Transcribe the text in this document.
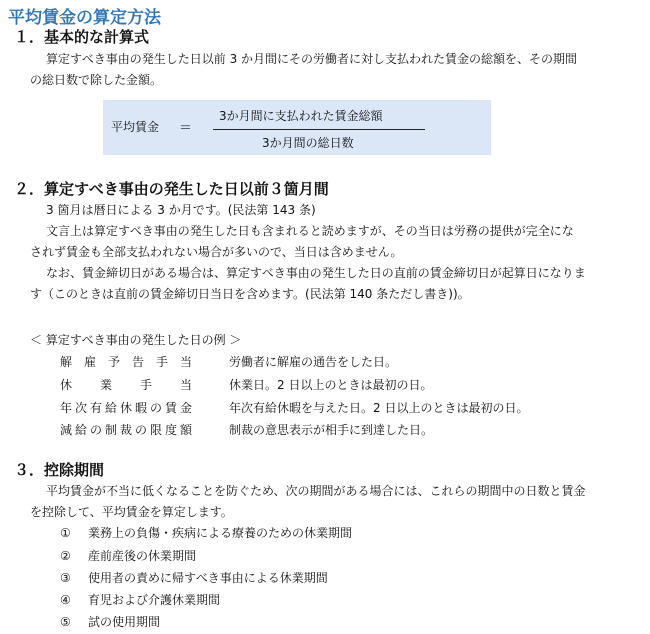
平均賃金の算定方法
１．基本的な計算式
算定すべき事由の発生した日以前 3 か月間にその労働者に対し支払われた賃金の総額を、その期間
の総日数で除した金額。
平均賃金 ＝
3か月間に支払われた賃金総額
3か月間の総日数
２．算定すべき事由の発生した日以前３箇月間
3 箇月は暦日による 3 か月です。(民法第 143 条)
文言上は算定すべき事由の発生した日も含まれると読めますが、その当日は労務の提供が完全にな
されず賃金も全部支払われない場合が多いので、当日は含めません。
なお、賃金締切日がある場合は、算定すべき事由の発生した日の直前の賃金締切日が起算日になりま
す（このときは直前の賃金締切日当日を含めます。(民法第 140 条ただし書き))。
＜ 算定すべき事由の発生した日の例 ＞
解雇予告手当	労働者に解雇の通告をした日。
休業手当	休業日。2 日以上のときは最初の日。
年次有給休暇の賃金	年次有給休暇を与えた日。2 日以上のときは最初の日。
減給の制裁の限度額	制裁の意思表示が相手に到達した日。
３．控除期間
平均賃金が不当に低くなることを防ぐため、次の期間がある場合には、これらの期間中の日数と賃金
を控除して、平均賃金を算定します。
① 業務上の負傷・疾病による療養のための休業期間
② 産前産後の休業期間
③ 使用者の責めに帰すべき事由による休業期間
④ 育児および介護休業期間
⑤ 試の使用期間
